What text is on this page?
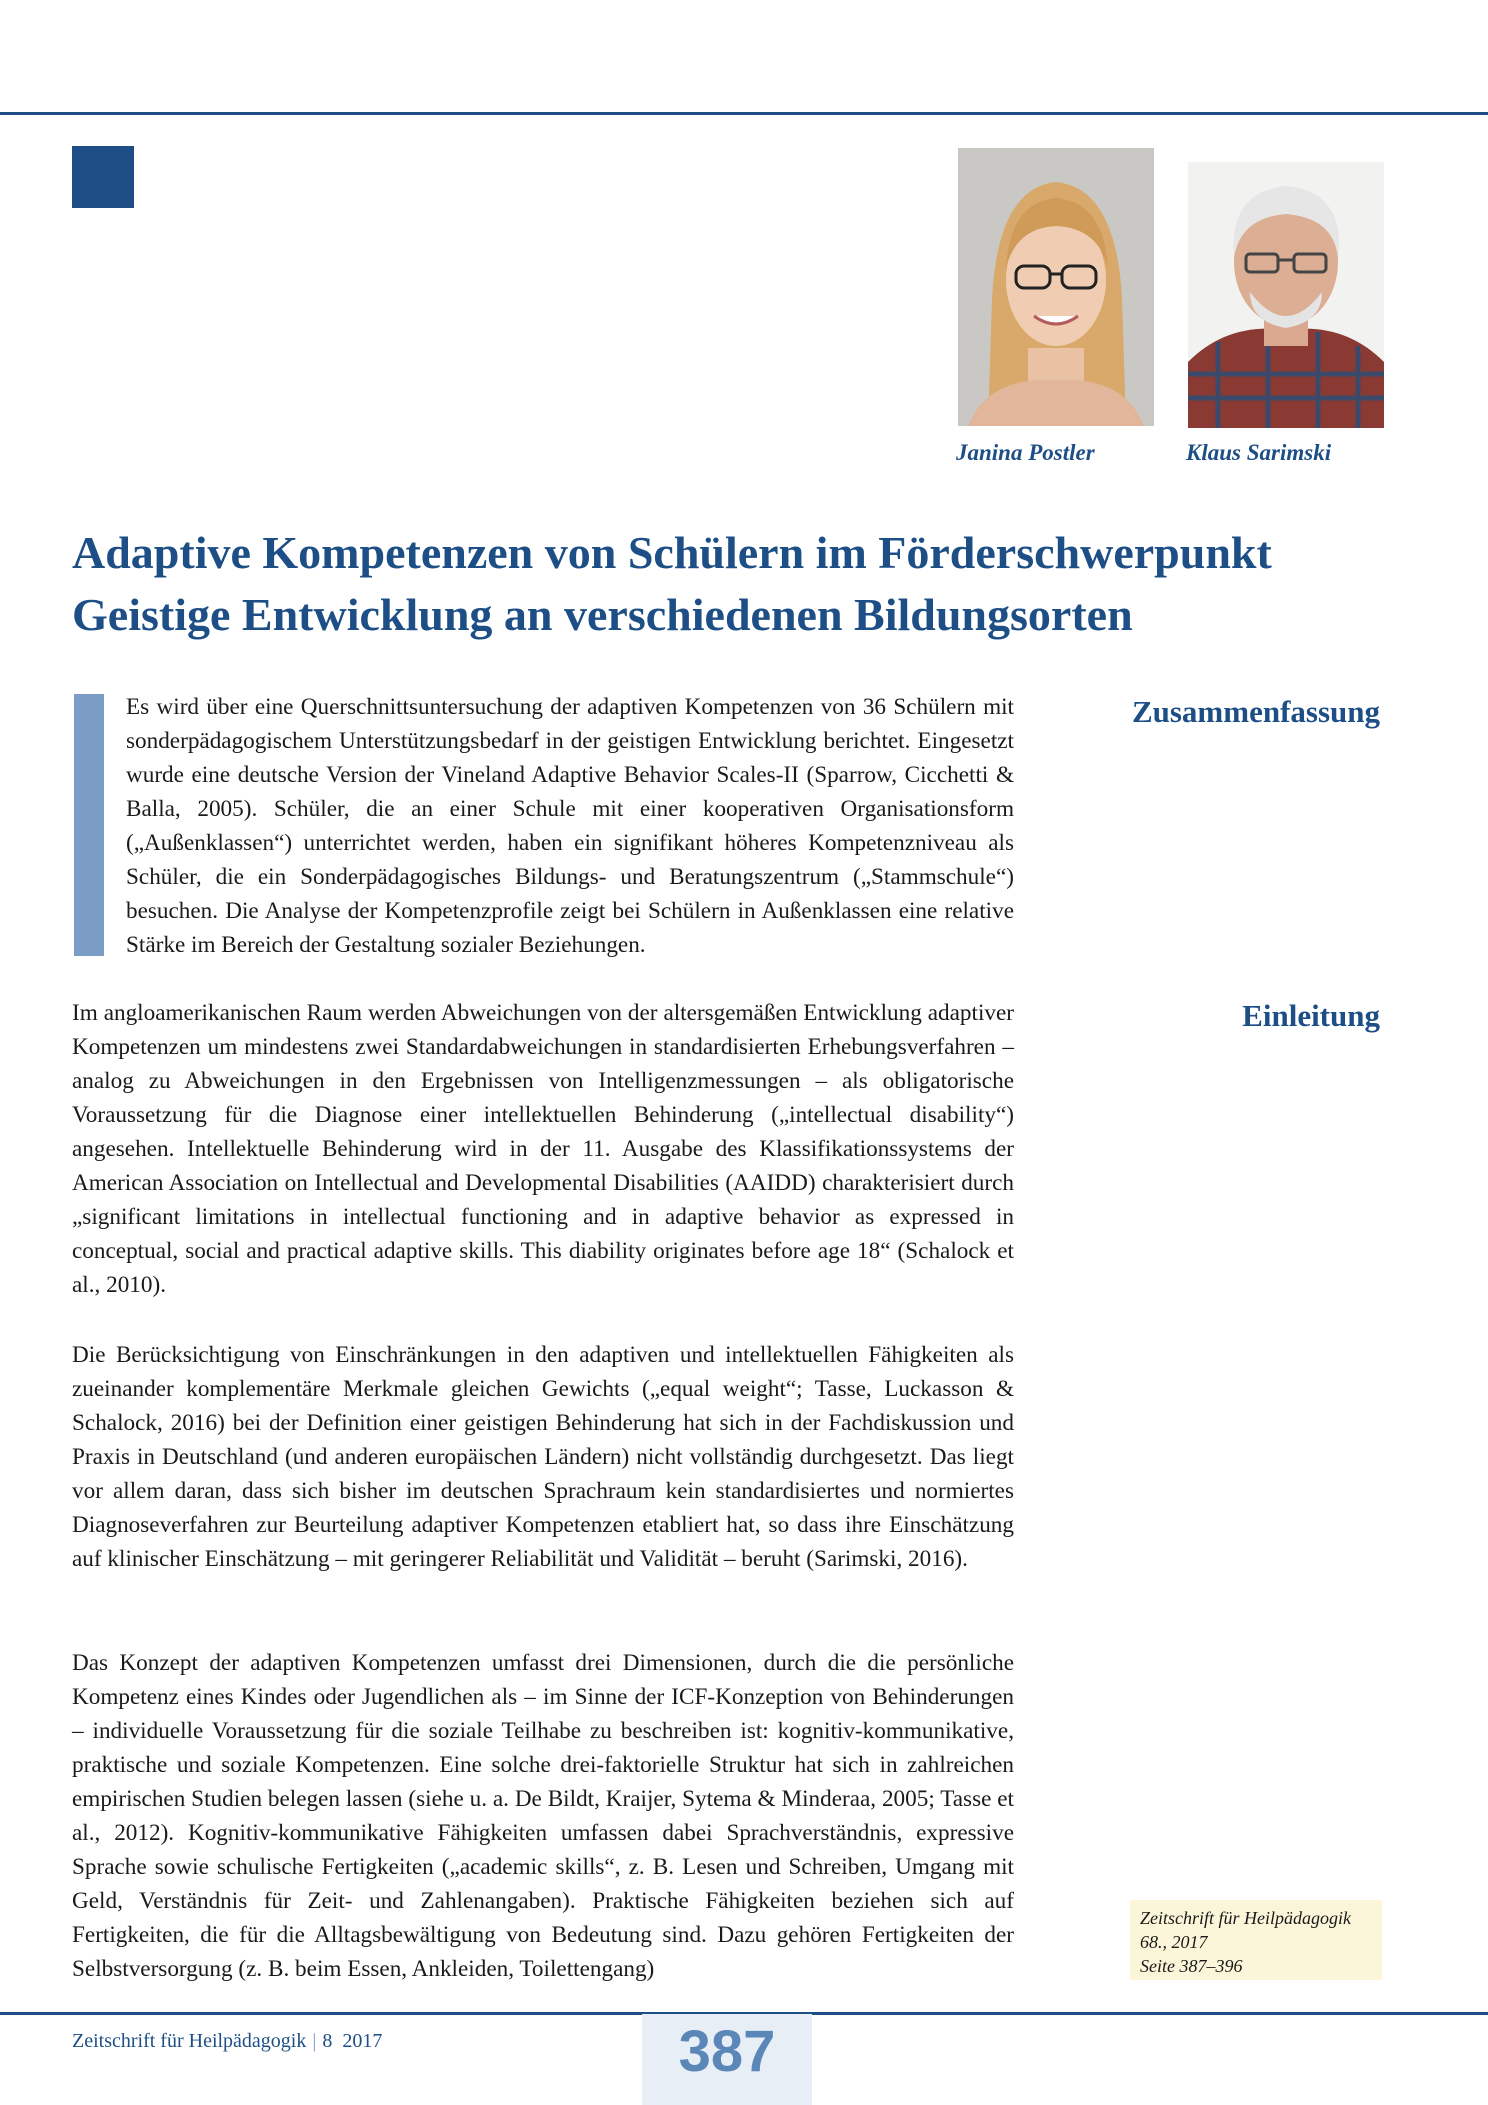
Janina Postler	Klaus Sarimski
Adaptive Kompetenzen von Schülern im Förderschwerpunkt
Geistige Entwicklung an verschiedenen Bildungsorten
Zusammenfassung

Es wird über eine Querschnittsuntersuchung der adaptiven Kompetenzen von 36 Schülern mit sonderpädagogischem Unterstützungsbedarf in der geistigen Entwicklung berichtet. Eingesetzt wurde eine deutsche Version der Vineland Adaptive Behavior Scales-II (Sparrow, Cicchetti & Balla, 2005). Schüler, die an einer Schule mit einer kooperativen Organisationsform („Außenklassen“) unterrichtet werden, haben ein signifikant höheres Kompetenzniveau als Schüler, die ein Sonderpädagogisches Bildungs- und Beratungszentrum („Stammschule“) besuchen. Die Analyse der Kompetenzprofile zeigt bei Schülern in Außenklassen eine relative Stärke im Bereich der Gestaltung sozialer Beziehungen.

Einleitung

Im angloamerikanischen Raum werden Abweichungen von der altersgemäßen Entwicklung adaptiver Kompetenzen um mindestens zwei Standardabweichungen in standardisierten Erhebungsverfahren – analog zu Abweichungen in den Ergebnissen von Intelligenzmessungen – als obligatorische Voraussetzung für die Diagnose einer intellektuellen Behinderung („intellectual disability“) angesehen. Intellektuelle Behinderung wird in der 11. Ausgabe des Klassifikationssystems der American Association on Intellectual and Developmental Disabilities (AAIDD) charakterisiert durch „significant limitations in intellectual functioning and in adaptive behavior as expressed in conceptual, social and practical adaptive skills. This diability originates before age 18“ (Schalock et al., 2010).

Die Berücksichtigung von Einschränkungen in den adaptiven und intellektuellen Fähigkeiten als zueinander komplementäre Merkmale gleichen Gewichts („equal weight“; Tasse, Luckasson & Schalock, 2016) bei der Definition einer geistigen Behinderung hat sich in der Fachdiskussion und Praxis in Deutschland (und anderen europäischen Ländern) nicht vollständig durchgesetzt. Das liegt vor allem daran, dass sich bisher im deutschen Sprachraum kein standardisiertes und normiertes Diagnoseverfahren zur Beurteilung adaptiver Kompetenzen etabliert hat, so dass ihre Einschätzung auf klinischer Einschätzung – mit geringerer Reliabilität und Validität – beruht (Sarimski, 2016).

Das Konzept der adaptiven Kompetenzen umfasst drei Dimensionen, durch die die persönliche Kompetenz eines Kindes oder Jugendlichen als – im Sinne der ICF-Konzeption von Behinderungen – individuelle Voraussetzung für die soziale Teilhabe zu beschreiben ist: kognitiv-kommunikative, praktische und soziale Kompetenzen. Eine solche drei-faktorielle Struktur hat sich in zahlreichen empirischen Studien belegen lassen (siehe u. a. De Bildt, Kraijer, Sytema & Minderaa, 2005; Tasse et al., 2012). Kognitiv-kommunikative Fähigkeiten umfassen dabei Sprachverständnis, expressive Sprache sowie schulische Fertigkeiten („academic skills“, z. B. Lesen und Schreiben, Umgang mit Geld, Verständnis für Zeit- und Zahlenangaben). Praktische Fähigkeiten beziehen sich auf Fertigkeiten, die für die Alltagsbewältigung von Bedeutung sind. Dazu gehören Fertigkeiten der Selbstversorgung (z. B. beim Essen, Ankleiden, Toilettengang)

Zeitschrift für Heilpädagogik
68., 2017
Seite 387–396
387
Zeitschrift für Heilpädagogik | 8 2017
